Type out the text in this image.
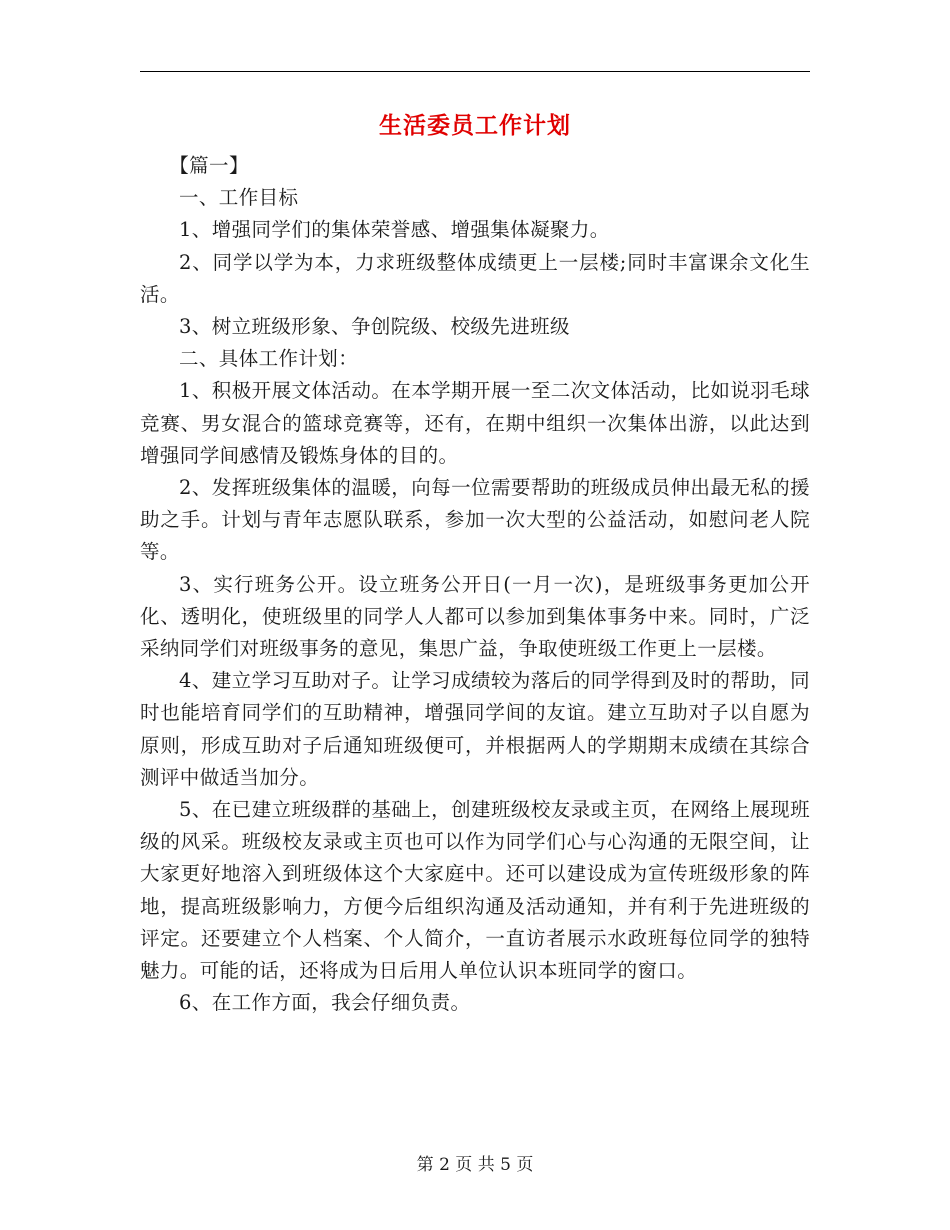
生活委员工作计划

【篇一】

一、工作目标

1、增强同学们的集体荣誉感、增强集体凝聚力。

2、同学以学为本，力求班级整体成绩更上一层楼;同时丰富课余文化生活。

3、树立班级形象、争创院级、校级先进班级

二、具体工作计划：

1、积极开展文体活动。在本学期开展一至二次文体活动，比如说羽毛球竞赛、男女混合的篮球竞赛等，还有，在期中组织一次集体出游，以此达到增强同学间感情及锻炼身体的目的。

2、发挥班级集体的温暖，向每一位需要帮助的班级成员伸出最无私的援助之手。计划与青年志愿队联系，参加一次大型的公益活动，如慰问老人院等。

3、实行班务公开。设立班务公开日(一月一次)，是班级事务更加公开化、透明化，使班级里的同学人人都可以参加到集体事务中来。同时，广泛采纳同学们对班级事务的意见，集思广益，争取使班级工作更上一层楼。

4、建立学习互助对子。让学习成绩较为落后的同学得到及时的帮助，同时也能培育同学们的互助精神，增强同学间的友谊。建立互助对子以自愿为原则，形成互助对子后通知班级便可，并根据两人的学期期末成绩在其综合测评中做适当加分。

5、在已建立班级群的基础上，创建班级校友录或主页，在网络上展现班级的风采。班级校友录或主页也可以作为同学们心与心沟通的无限空间，让大家更好地溶入到班级体这个大家庭中。还可以建设成为宣传班级形象的阵地，提高班级影响力，方便今后组织沟通及活动通知，并有利于先进班级的评定。还要建立个人档案、个人简介，一直访者展示水政班每位同学的独特魅力。可能的话，还将成为日后用人单位认识本班同学的窗口。

6、在工作方面，我会仔细负责。

第 2 页 共 5 页
